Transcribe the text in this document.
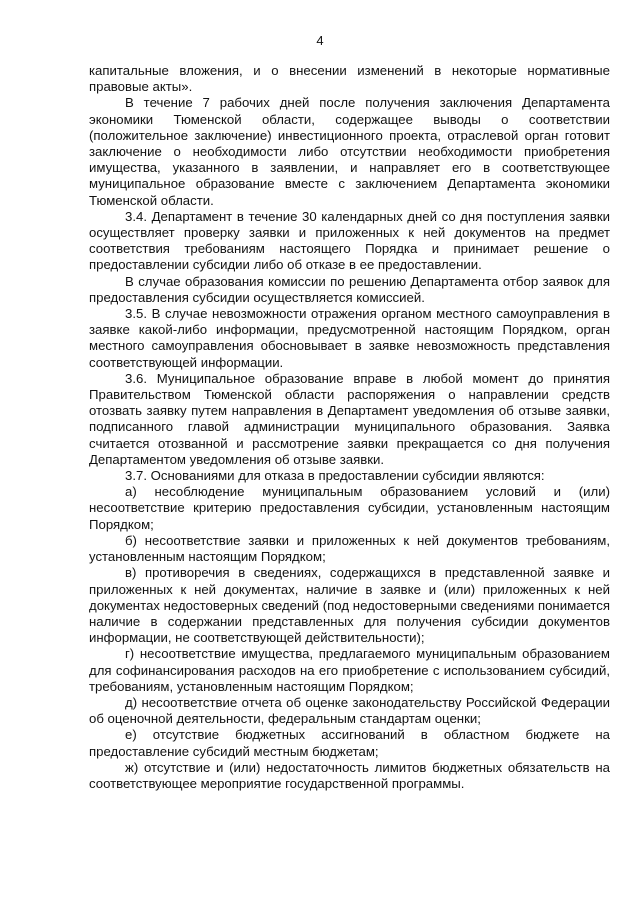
4

капитальные вложения, и о внесении изменений в некоторые нормативные правовые акты».

В течение 7 рабочих дней после получения заключения Департамента экономики Тюменской области, содержащее выводы о соответствии (положительное заключение) инвестиционного проекта, отраслевой орган готовит заключение о необходимости либо отсутствии необходимости приобретения имущества, указанного в заявлении, и направляет его в соответствующее муниципальное образование вместе с заключением Департамента экономики Тюменской области.

3.4. Департамент в течение 30 календарных дней со дня поступления заявки осуществляет проверку заявки и приложенных к ней документов на предмет соответствия требованиям настоящего Порядка и принимает решение о предоставлении субсидии либо об отказе в ее предоставлении.

В случае образования комиссии по решению Департамента отбор заявок для предоставления субсидии осуществляется комиссией.

3.5. В случае невозможности отражения органом местного самоуправления в заявке какой-либо информации, предусмотренной настоящим Порядком, орган местного самоуправления обосновывает в заявке невозможность представления соответствующей информации.

3.6. Муниципальное образование вправе в любой момент до принятия Правительством Тюменской области распоряжения о направлении средств отозвать заявку путем направления в Департамент уведомления об отзыве заявки, подписанного главой администрации муниципального образования. Заявка считается отозванной и рассмотрение заявки прекращается со дня получения Департаментом уведомления об отзыве заявки.

3.7. Основаниями для отказа в предоставлении субсидии являются:

а) несоблюдение муниципальным образованием условий и (или) несоответствие критерию предоставления субсидии, установленным настоящим Порядком;

б) несоответствие заявки и приложенных к ней документов требованиям, установленным настоящим Порядком;

в) противоречия в сведениях, содержащихся в представленной заявке и приложенных к ней документах, наличие в заявке и (или) приложенных к ней документах недостоверных сведений (под недостоверными сведениями понимается наличие в содержании представленных для получения субсидии документов информации, не соответствующей действительности);

г) несоответствие имущества, предлагаемого муниципальным образованием для софинансирования расходов на его приобретение с использованием субсидий, требованиям, установленным настоящим Порядком;

д) несоответствие отчета об оценке законодательству Российской Федерации об оценочной деятельности, федеральным стандартам оценки;

е) отсутствие бюджетных ассигнований в областном бюджете на предоставление субсидий местным бюджетам;

ж) отсутствие и (или) недостаточность лимитов бюджетных обязательств на соответствующее мероприятие государственной программы.
